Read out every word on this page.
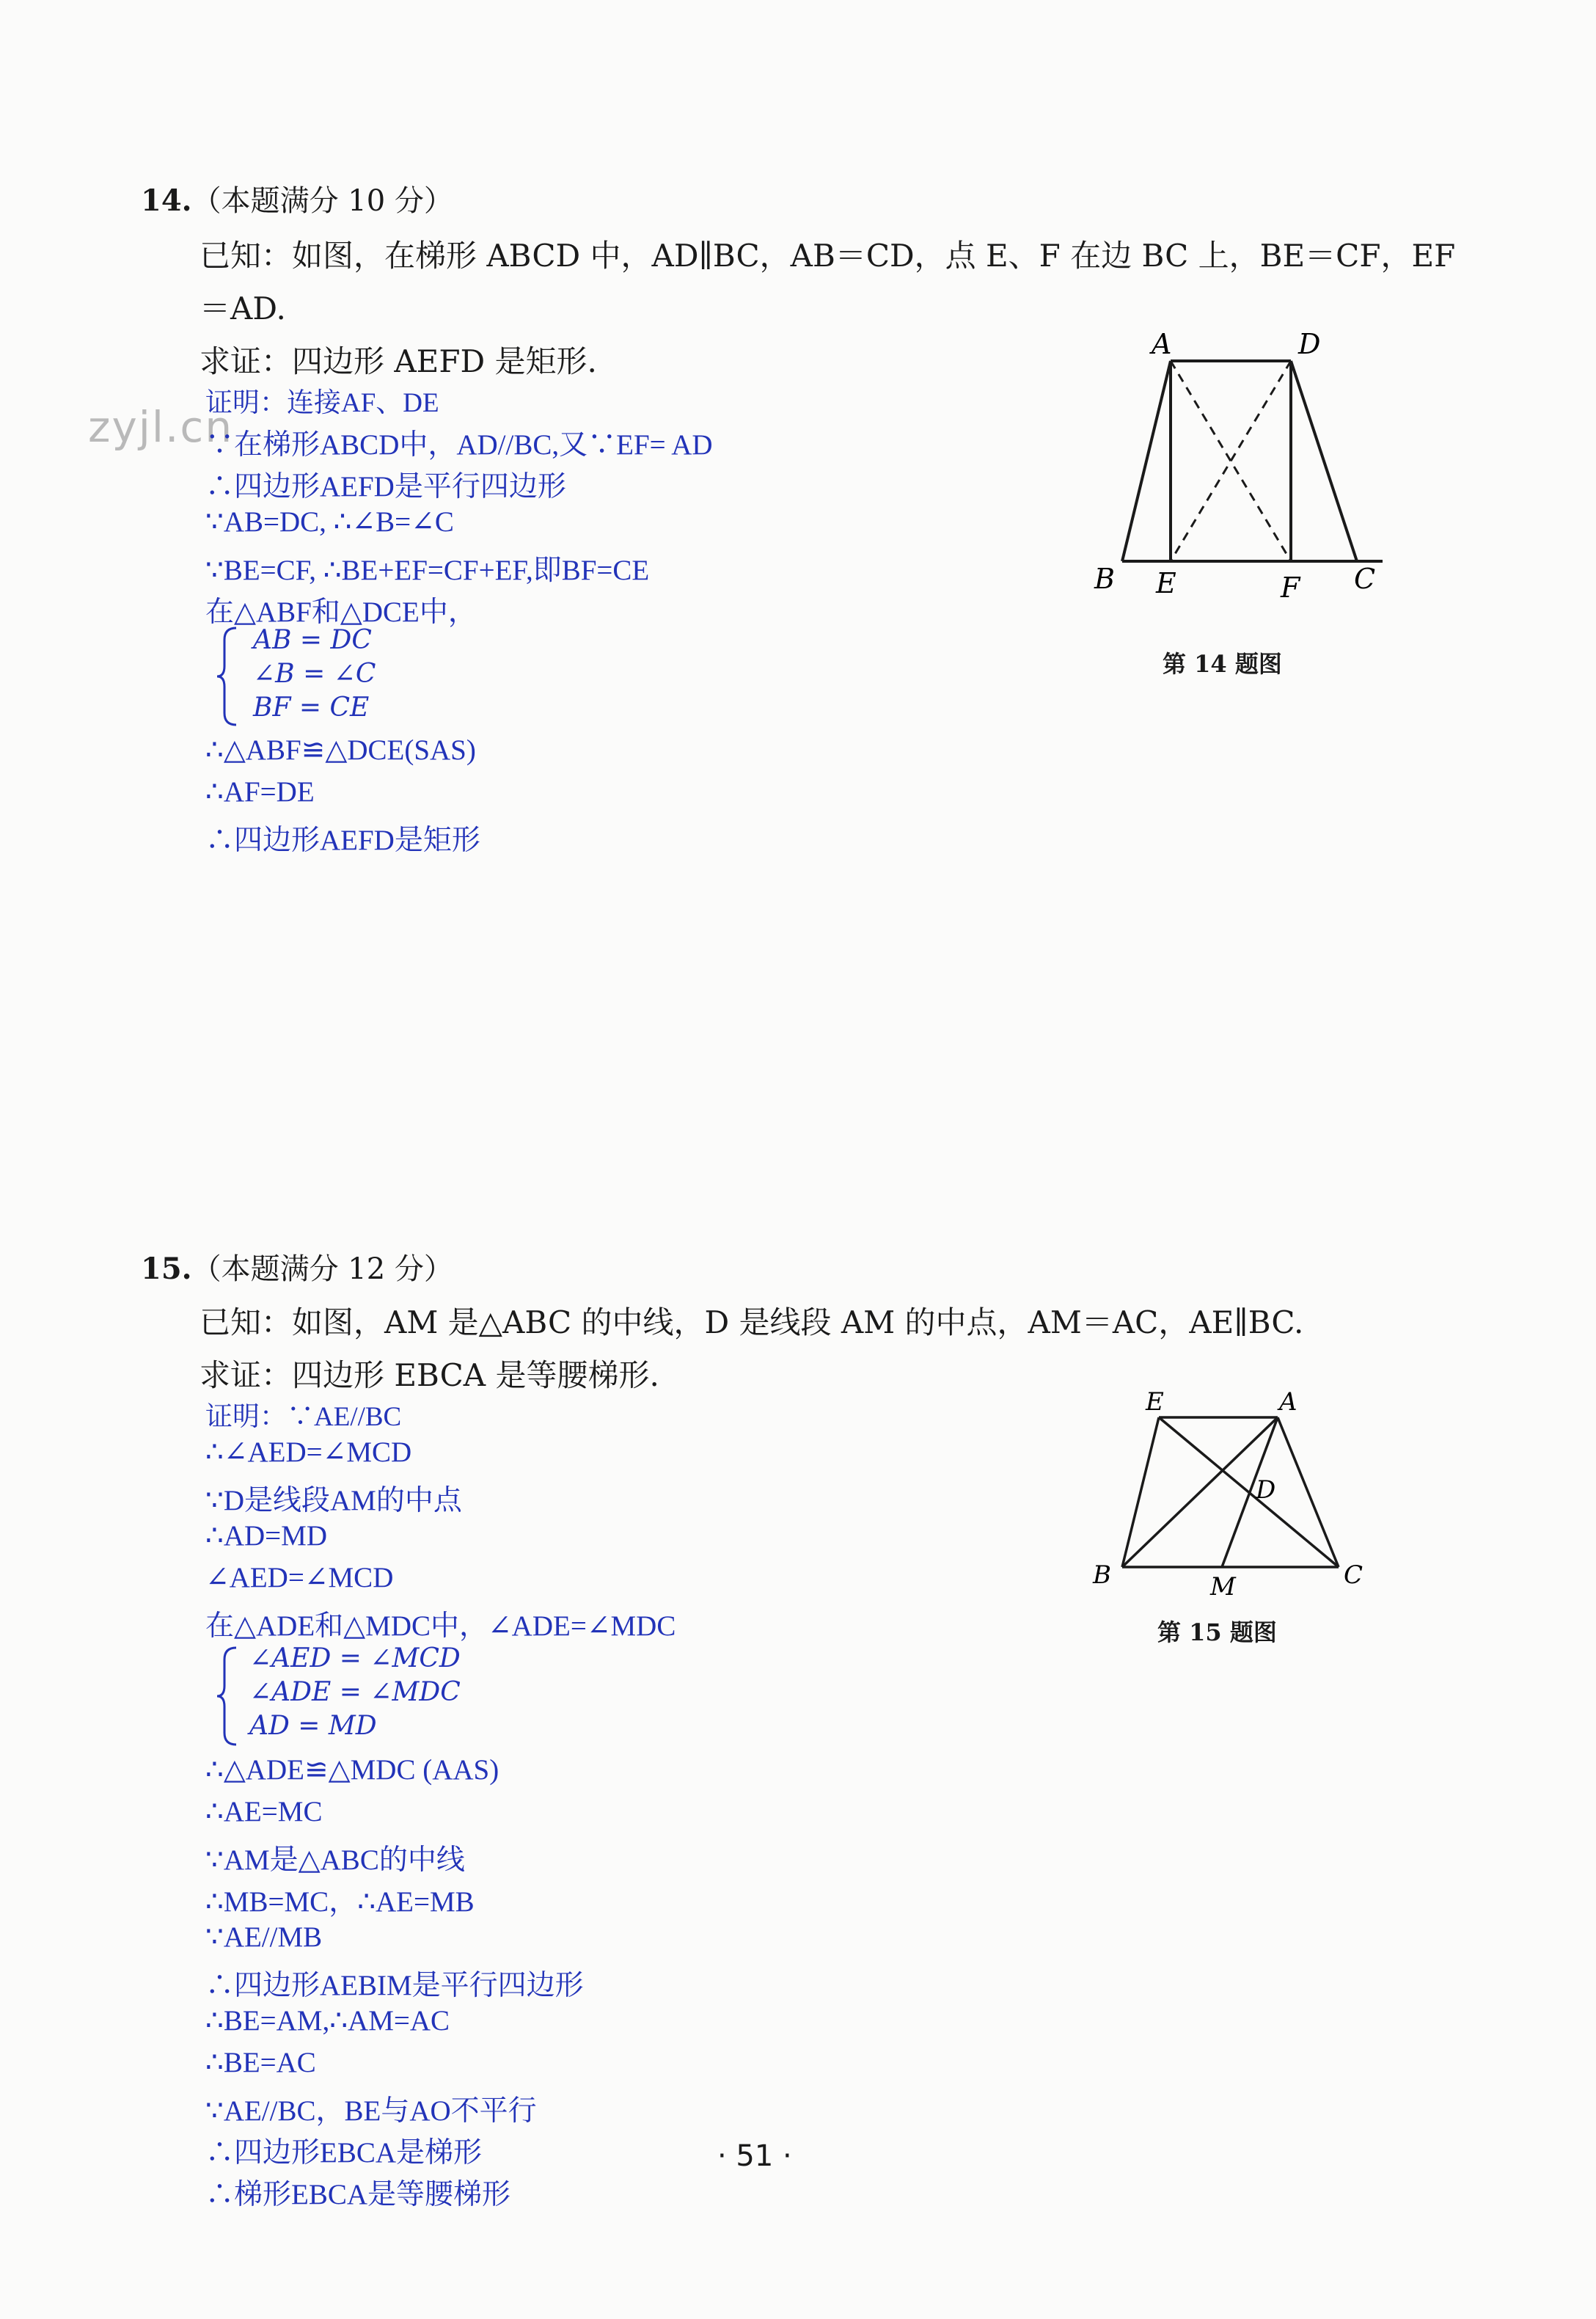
zyjl.cn
14.（本题满分 10 分）
已知：如图，在梯形 ABCD 中，AD∥BC，AB＝CD，点 E、F 在边 BC 上，BE＝CF，EF
＝AD.
求证：四边形 AEFD 是矩形.
证明：连接AF、DE
∵在梯形ABCD中，AD//BC,又∵EF= AD
∴四边形AEFD是平行四边形
∵AB=DC, ∴∠B=∠C
∵BE=CF, ∴BE+EF=CF+EF,即BF=CE
在△ABF和△DCE中，
AB = DC
∠B = ∠C
BF = CE
∴△ABF≌△DCE(SAS)
∴AF=DE
∴四边形AEFD是矩形
A	D
B E	F C
第 14 题图
15.（本题满分 12 分）
已知：如图，AM 是△ABC 的中线，D 是线段 AM 的中点，AM＝AC，AE∥BC.
求证：四边形 EBCA 是等腰梯形.
证明：∵AE//BC
∴∠AED=∠MCD
∵D是线段AM的中点
∴AD=MD
∠AED=∠MCD
在△ADE和△MDC中，∠ADE=∠MDC
∠AED = ∠MCD
∠ADE = ∠MDC
AD = MD
∴△ADE≌△MDC (AAS)
∴AE=MC
∵AM是△ABC的中线
∴MB=MC，∴AE=MB
∵AE//MB
∴四边形AEBIM是平行四边形
∴BE=AM,∴AM=AC
∴BE=AC
∵AE//BC，BE与AO不平行
∴四边形EBCA是梯形
∴梯形EBCA是等腰梯形
E	A
D
B	M	C
第 15 题图
· 51 ·
